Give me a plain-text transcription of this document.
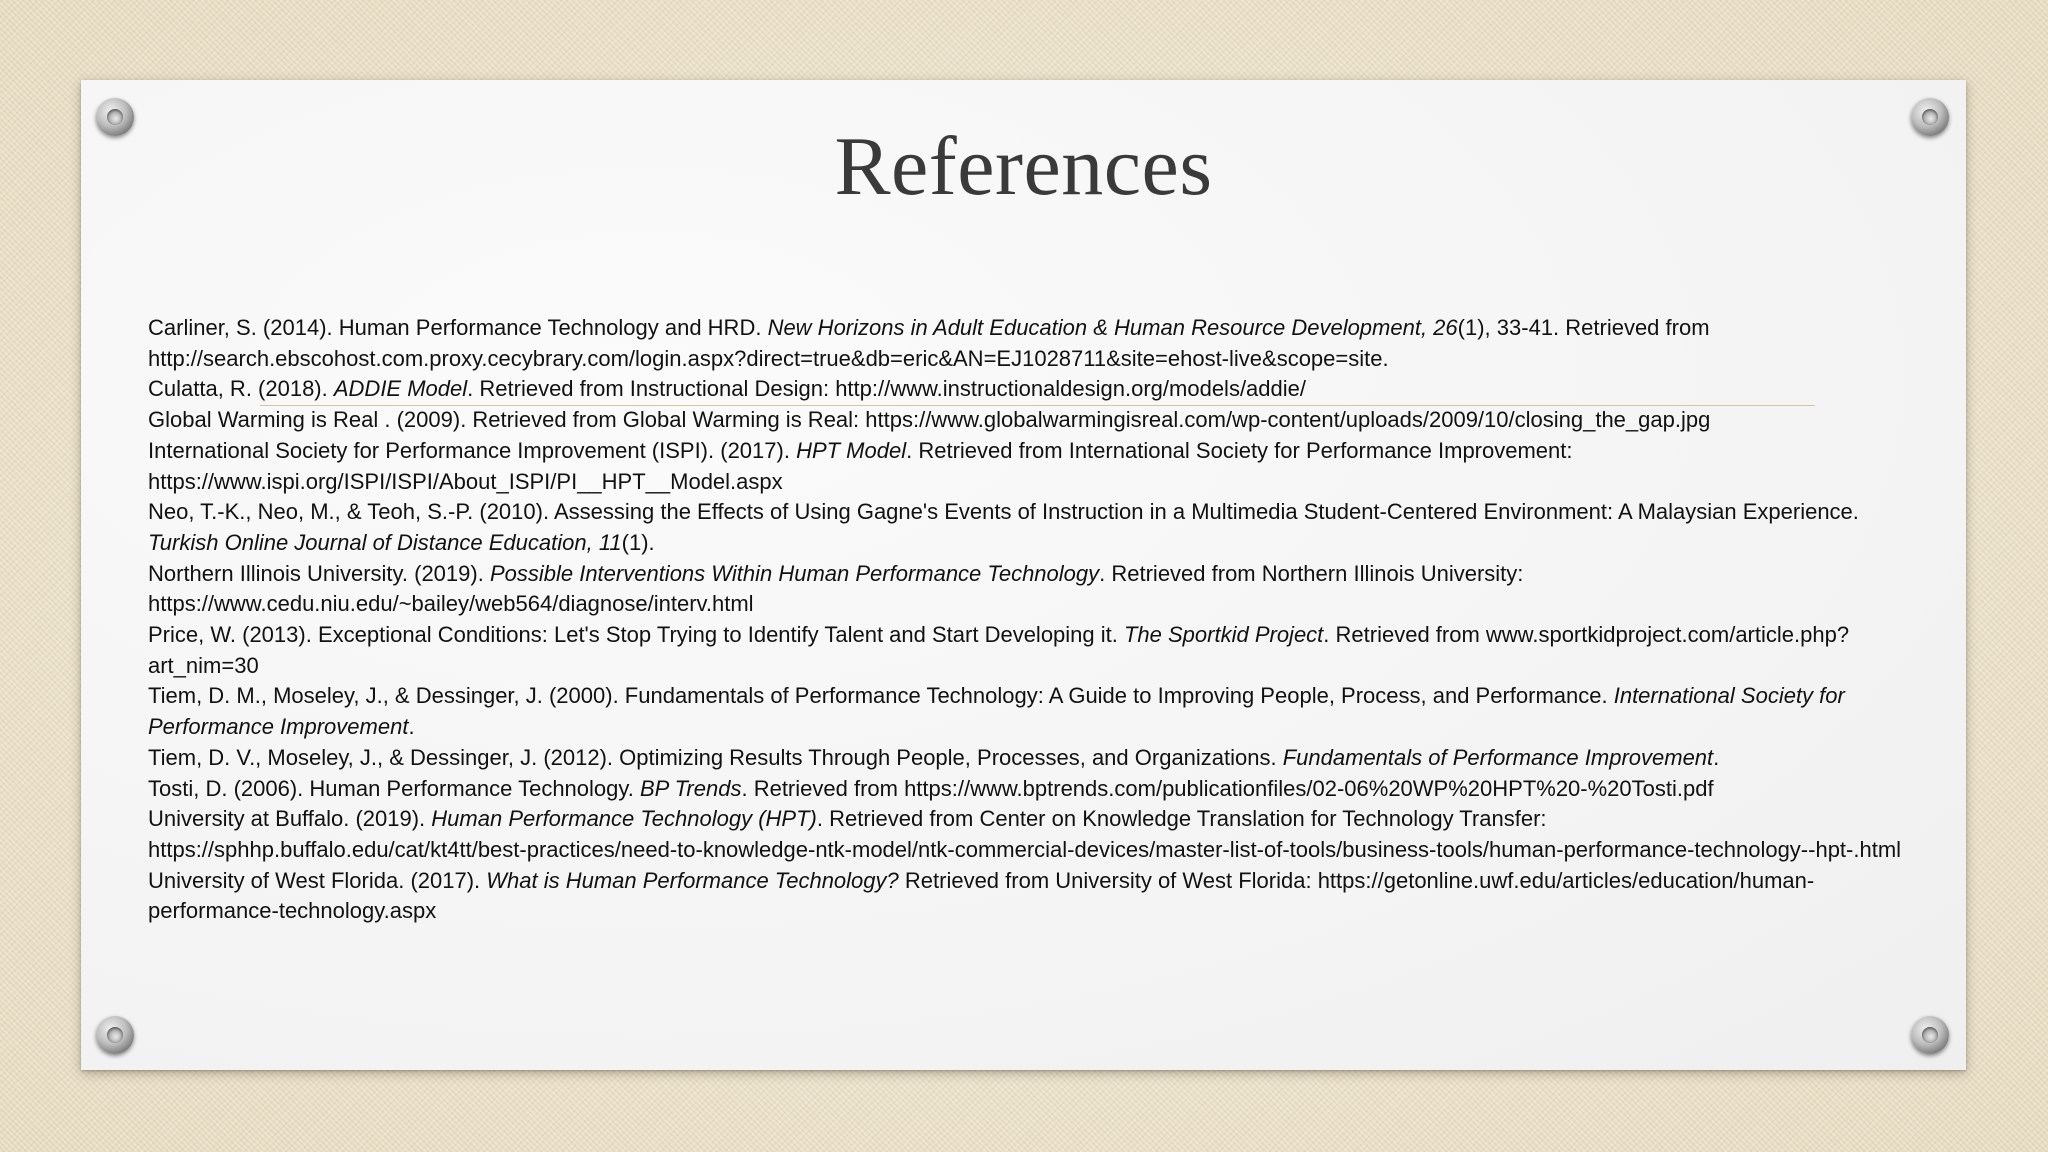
References

Carliner, S. (2014). Human Performance Technology and HRD. New Horizons in Adult Education & Human Resource Development, 26(1), 33-41. Retrieved from http://search.ebscohost.com.proxy.cecybrary.com/login.aspx?direct=true&db=eric&AN=EJ1028711&site=ehost-live&scope=site.

Culatta, R. (2018). ADDIE Model. Retrieved from Instructional Design: http://www.instructionaldesign.org/models/addie/

Global Warming is Real . (2009). Retrieved from Global Warming is Real: https://www.globalwarmingisreal.com/wp-content/uploads/2009/10/closing_the_gap.jpg

International Society for Performance Improvement (ISPI). (2017). HPT Model. Retrieved from International Society for Performance Improvement: https://www.ispi.org/ISPI/ISPI/About_ISPI/PI__HPT__Model.aspx

Neo, T.-K., Neo, M., & Teoh, S.-P. (2010). Assessing the Effects of Using Gagne's Events of Instruction in a Multimedia Student-Centered Environment: A Malaysian Experience. Turkish Online Journal of Distance Education, 11(1).

Northern Illinois University. (2019). Possible Interventions Within Human Performance Technology. Retrieved from Northern Illinois University: https://www.cedu.niu.edu/~bailey/web564/diagnose/interv.html

Price, W. (2013). Exceptional Conditions: Let's Stop Trying to Identify Talent and Start Developing it. The Sportkid Project. Retrieved from www.sportkidproject.com/article.php?art_nim=30

Tiem, D. M., Moseley, J., & Dessinger, J. (2000). Fundamentals of Performance Technology: A Guide to Improving People, Process, and Performance. International Society for Performance Improvement.

Tiem, D. V., Moseley, J., & Dessinger, J. (2012). Optimizing Results Through People, Processes, and Organizations. Fundamentals of Performance Improvement.

Tosti, D. (2006). Human Performance Technology. BP Trends. Retrieved from https://www.bptrends.com/publicationfiles/02-06%20WP%20HPT%20-%20Tosti.pdf

University at Buffalo. (2019). Human Performance Technology (HPT). Retrieved from Center on Knowledge Translation for Technology Transfer: https://sphhp.buffalo.edu/cat/kt4tt/best-practices/need-to-knowledge-ntk-model/ntk-commercial-devices/master-list-of-tools/business-tools/human-performance-technology--hpt-.html

University of West Florida. (2017). What is Human Performance Technology? Retrieved from University of West Florida: https://getonline.uwf.edu/articles/education/human-performance-technology.aspx
